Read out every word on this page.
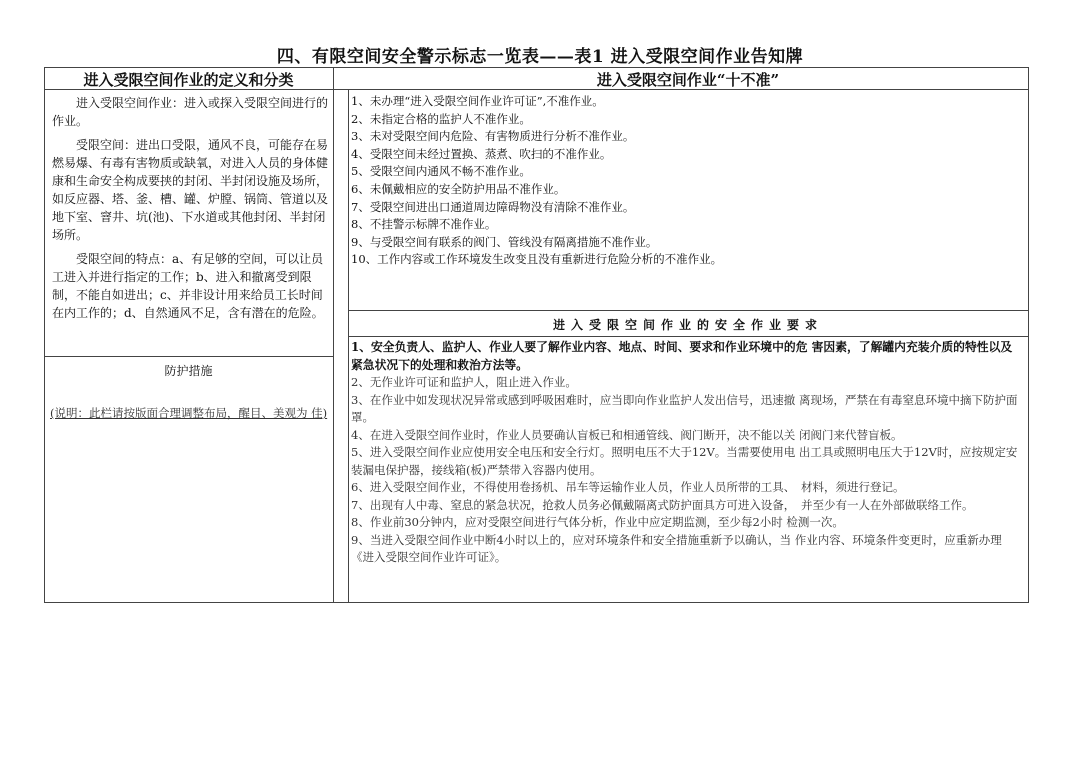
四、有限空间安全警示标志一览表——表1 进入受限空间作业告知牌
进入受限空间作业的定义和分类	进入受限空间作业“十不准”

进入受限空间作业：进入或探入受限空间进行的 作业。

受限空间：进出口受限，通风不良，可能存在易 燃易爆、有毒有害物质或缺氧，对进入人员的身体健　康和生命安全构成要挟的封闭、半封闭设施及场所，　如反应器、塔、釜、槽、罐、炉膛、锅筒、管道以及　地下室、窨井、坑(池)、下水道或其他封闭、半封闭场所。

受限空间的特点：a、有足够的空间，可以让员 工进入并进行指定的工作；b、进入和撤离受到限制，不能自如进出；c、并非设计用来给员工长时间 在内工作的；d、自然通风不足，含有潜在的危险。

防护措施
(说明：此栏请按版面合理调整布局，醒目、美观为 佳)
1、未办理“进入受限空间作业许可证”,不准作业。
2、未指定合格的监护人不准作业。
3、未对受限空间内危险、有害物质进行分析不准作业。
4、受限空间未经过置换、蒸煮、吹扫的不准作业。
5、受限空间内通风不畅不准作业。
6、未佩戴相应的安全防护用品不准作业。
7、受限空间进出口通道周边障碍物没有清除不准作业。
8、不挂警示标牌不准作业。
9、与受限空间有联系的阀门、管线没有隔离措施不准作业。
10、工作内容或工作环境发生改变且没有重新进行危险分析的不准作业。
进入受限空间作业的安全作业要求
1、安全负责人、监护人、作业人要了解作业内容、地点、时间、要求和作业环境中的危 害因素，了解罐内充装介质的特性以及紧急状况下的处理和救治方法等。
2、无作业许可证和监护人，阻止进入作业。
3、在作业中如发现状况异常或感到呼吸困难时，应当即向作业监护人发出信号，迅速撤 离现场，严禁在有毒窒息环境中摘下防护面罩。
4、在进入受限空间作业时，作业人员要确认盲板已和相通管线、阀门断开，决不能以关 闭阀门来代替盲板。
5、进入受限空间作业应使用安全电压和安全行灯。照明电压不大于12V。当需要使用电 出工具或照明电压大于12V时，应按规定安装漏电保护器，接线箱(板)严禁带入容器内使用。
6、进入受限空间作业，不得使用卷扬机、吊车等运输作业人员，作业人员所带的工具、　材料，须进行登记。
7、出现有人中毒、窒息的紧急状况，抢救人员务必佩戴隔离式防护面具方可进入设备，　并至少有一人在外部做联络工作。
8、作业前30分钟内，应对受限空间进行气体分析，作业中应定期监测，至少每2小时 检测一次。
9、当进入受限空间作业中断4小时以上的，应对环境条件和安全措施重新予以确认，当 作业内容、环境条件变更时，应重新办理《进入受限空间作业许可证》。
